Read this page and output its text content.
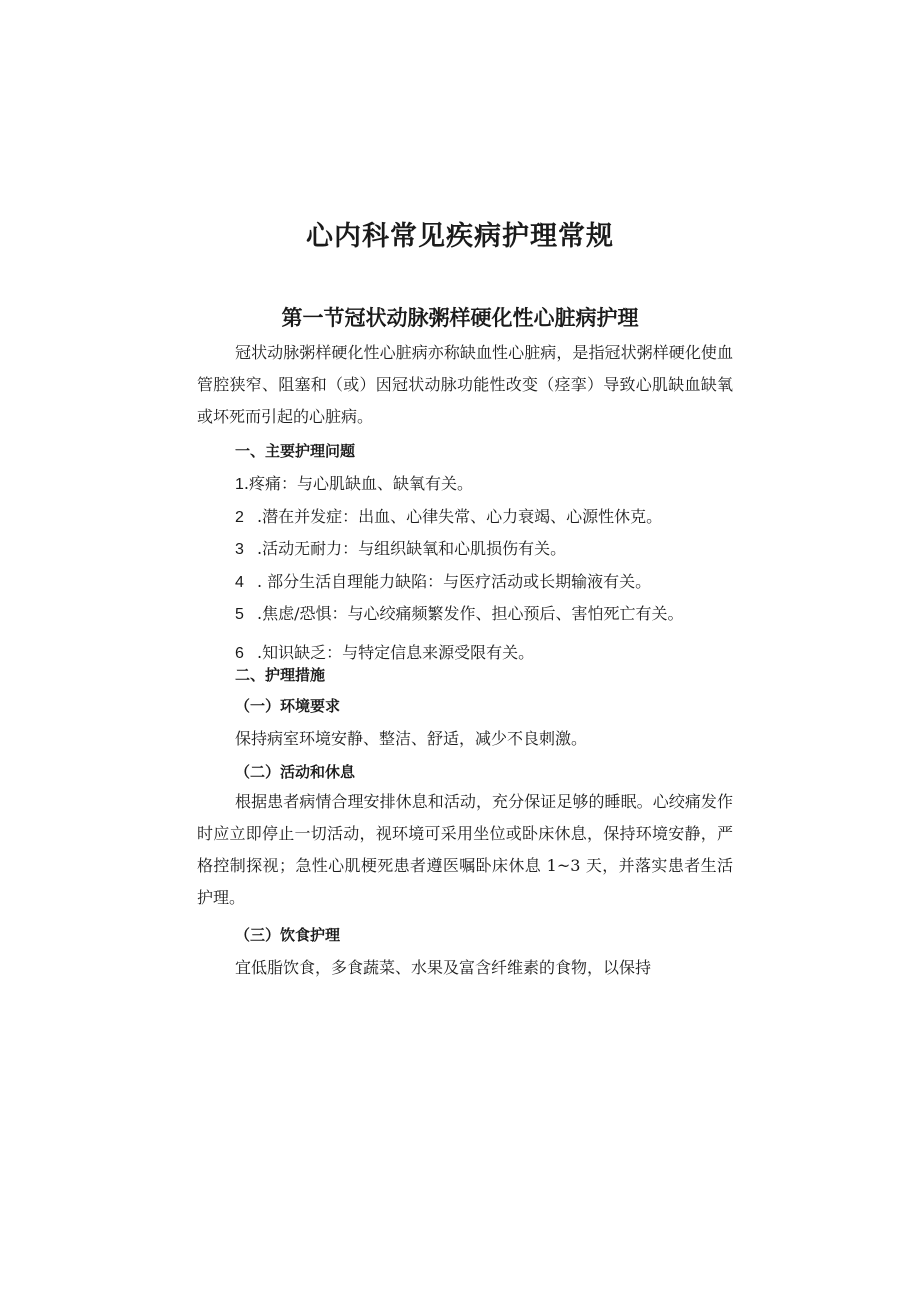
心内科常见疾病护理常规
第一节冠状动脉粥样硬化性心脏病护理
冠状动脉粥样硬化性心脏病亦称缺血性心脏病，是指冠状粥样硬化使血管腔狭窄、阻塞和（或）因冠状动脉功能性改变（痉挛）导致心肌缺血缺氧或坏死而引起的心脏病。
一、主要护理问题
1.疼痛：与心肌缺血、缺氧有关。
2 .潜在并发症：出血、心律失常、心力衰竭、心源性休克。
3 .活动无耐力：与组织缺氧和心肌损伤有关。
4 . 部分生活自理能力缺陷：与医疗活动或长期输液有关。
5 .焦虑/恐惧：与心绞痛频繁发作、担心预后、害怕死亡有关。
6 .知识缺乏：与特定信息来源受限有关。
二、护理措施
（一）环境要求
保持病室环境安静、整洁、舒适，减少不良刺激。
（二）活动和休息
根据患者病情合理安排休息和活动，充分保证足够的睡眠。心绞痛发作时应立即停止一切活动，视环境可采用坐位或卧床休息，保持环境安静，严格控制探视；急性心肌梗死患者遵医嘱卧床休息 1~3 天，并落实患者生活护理。
（三）饮食护理
宜低脂饮食，多食蔬菜、水果及富含纤维素的食物，以保持
